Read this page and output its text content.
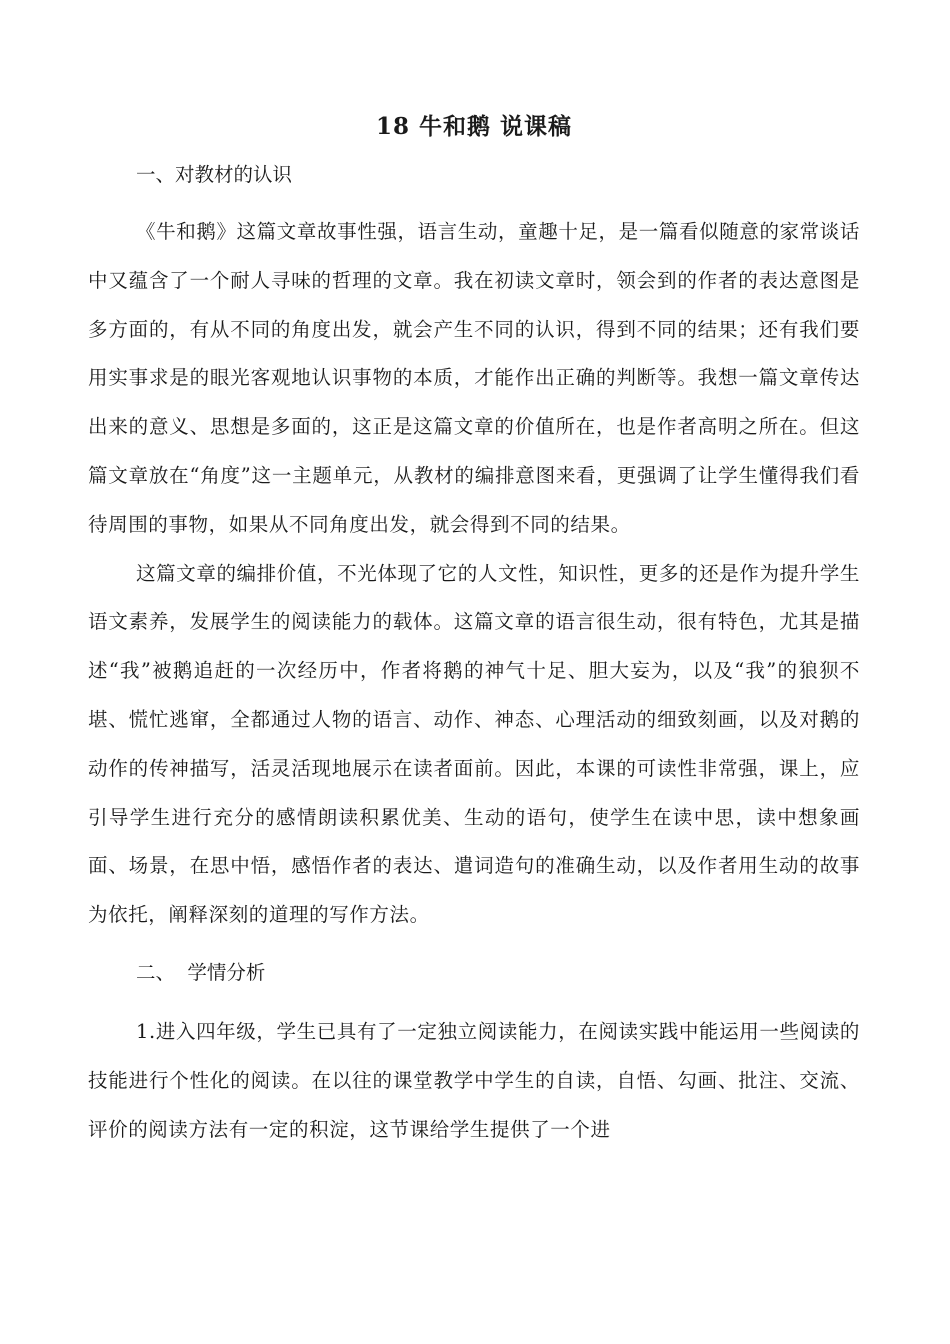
18 牛和鹅 说课稿
一、对教材的认识

《牛和鹅》这篇文章故事性强，语言生动，童趣十足，是一篇看似随意的家常谈话中又蕴含了一个耐人寻味的哲理的文章。我在初读文章时，领会到的作者的表达意图是多方面的，有从不同的角度出发，就会产生不同的认识，得到不同的结果；还有我们要用实事求是的眼光客观地认识事物的本质，才能作出正确的判断等。我想一篇文章传达出来的意义、思想是多面的，这正是这篇文章的价值所在，也是作者高明之所在。但这篇文章放在“角度”这一主题单元，从教材的编排意图来看，更强调了让学生懂得我们看待周围的事物，如果从不同角度出发，就会得到不同的结果。

这篇文章的编排价值，不光体现了它的人文性，知识性，更多的还是作为提升学生语文素养，发展学生的阅读能力的载体。这篇文章的语言很生动，很有特色，尤其是描述“我”被鹅追赶的一次经历中，作者将鹅的神气十足、胆大妄为，以及“我”的狼狈不堪、慌忙逃窜，全都通过人物的语言、动作、神态、心理活动的细致刻画，以及对鹅的动作的传神描写，活灵活现地展示在读者面前。因此，本课的可读性非常强，课上，应引导学生进行充分的感情朗读积累优美、生动的语句，使学生在读中思，读中想象画面、场景，在思中悟，感悟作者的表达、遣词造句的准确生动，以及作者用生动的故事为依托，阐释深刻的道理的写作方法。

二、  学情分析

1.进入四年级，学生已具有了一定独立阅读能力，在阅读实践中能运用一些阅读的技能进行个性化的阅读。在以往的课堂教学中学生的自读，自悟、勾画、批注、交流、评价的阅读方法有一定的积淀，这节课给学生提供了一个进
